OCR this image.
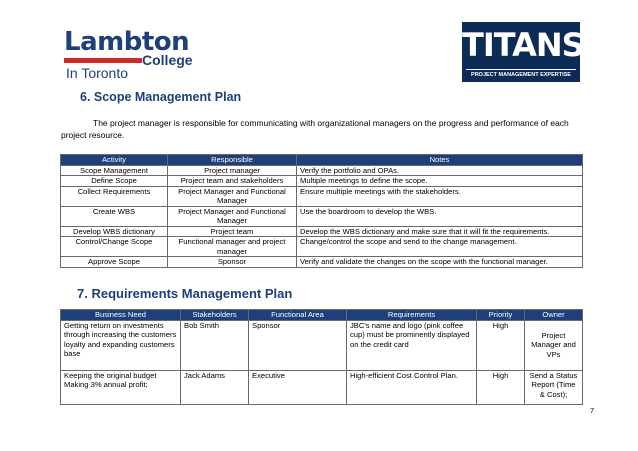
Lambton
College
In Toronto
TITANS
PROJECT MANAGEMENT EXPERTISE
6. Scope Management Plan
The project manager is responsible for communicating with organizational managers on the progress and performance of each project resource.
Activity	Responsible	Notes
Scope Management	Project manager	Verify the portfolio and OPAs.
Define Scope	Project team and stakeholders	Multiple meetings to define the scope.
Collect Requirements	Project Manager and Functional Manager	Ensure multiple meetings with the stakeholders.
Create WBS	Project Manager and Functional Manager	Use the boardroom to develop the WBS.
Develop WBS dictionary	Project team	Develop the WBS dictionary and make sure that it will fit the requirements.
Control/Change Scope	Functional manager and project manager	Change/control the scope and send to the change management.
Approve Scope	Sponsor	Verify and validate the changes on the scope with the functional manager.
7. Requirements Management Plan
Business Need	Stakeholders	Functional Area	Requirements	Priority	Owner
Getting return on investments through increasing the customers loyalty and expanding customers base	Bob Smith	Sponsor	JBC's name and logo (pink coffee cup) must be prominently displayed on the credit card	High	Project Manager and VPs
Keeping the original budget Making 3% annual profit;	Jack Adams	Executive	High-efficient Cost Control Plan.	High	Send a Status Report (Time & Cost);
7
